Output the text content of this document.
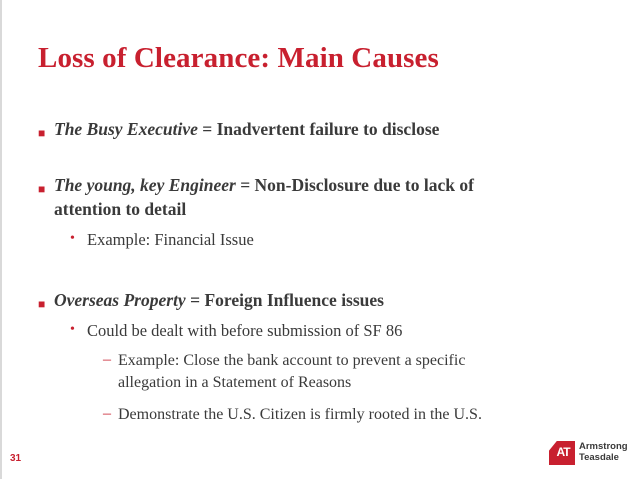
Loss of Clearance: Main Causes
■ The Busy Executive = Inadvertent failure to disclose
■ The young, key Engineer = Non-Disclosure due to lack of
attention to detail
• Example: Financial Issue
■ Overseas Property = Foreign Influence issues
• Could be dealt with before submission of SF 86
– Example: Close the bank account to prevent a specific
allegation in a Statement of Reasons
– Demonstrate the U.S. Citizen is firmly rooted in the U.S.
31	AT Armstrong
Teasdale
